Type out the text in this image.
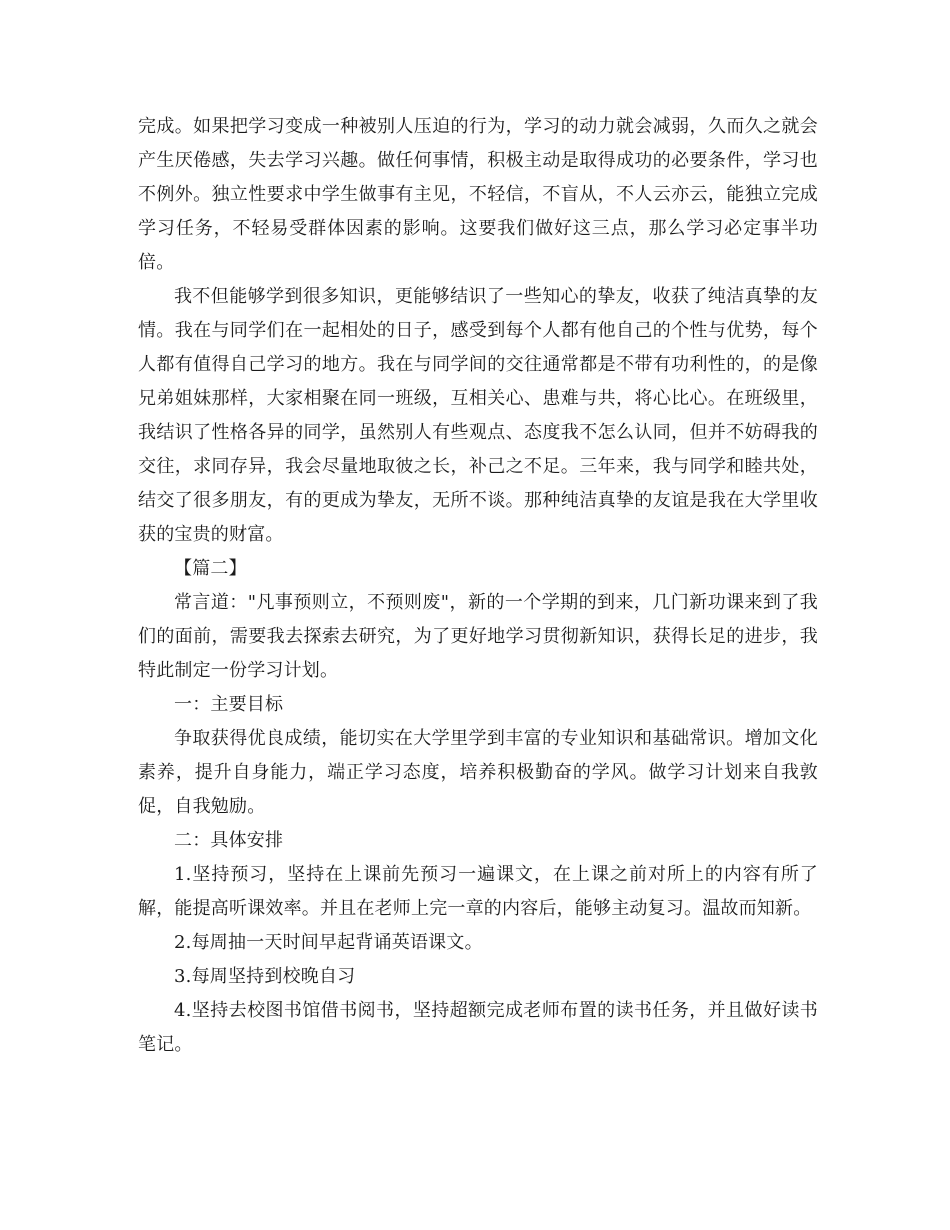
完成。如果把学习变成一种被别人压迫的行为，学习的动力就会减弱，久而久之就会产生厌倦感，失去学习兴趣。做任何事情，积极主动是取得成功的必要条件，学习也不例外。独立性要求中学生做事有主见，不轻信，不盲从，不人云亦云，能独立完成学习任务，不轻易受群体因素的影响。这要我们做好这三点，那么学习必定事半功倍。

我不但能够学到很多知识，更能够结识了一些知心的挚友，收获了纯洁真挚的友情。我在与同学们在一起相处的日子，感受到每个人都有他自己的个性与优势，每个人都有值得自己学习的地方。我在与同学间的交往通常都是不带有功利性的，的是像兄弟姐妹那样，大家相聚在同一班级，互相关心、患难与共，将心比心。在班级里，我结识了性格各异的同学，虽然别人有些观点、态度我不怎么认同，但并不妨碍我的交往，求同存异，我会尽量地取彼之长，补己之不足。三年来，我与同学和睦共处，结交了很多朋友，有的更成为挚友，无所不谈。那种纯洁真挚的友谊是我在大学里收获的宝贵的财富。

【篇二】

常言道："凡事预则立，不预则废"，新的一个学期的到来，几门新功课来到了我们的面前，需要我去探索去研究，为了更好地学习贯彻新知识，获得长足的进步，我特此制定一份学习计划。

一：主要目标

争取获得优良成绩，能切实在大学里学到丰富的专业知识和基础常识。增加文化素养，提升自身能力，端正学习态度，培养积极勤奋的学风。做学习计划来自我敦促，自我勉励。

二：具体安排

1.坚持预习，坚持在上课前先预习一遍课文，在上课之前对所上的内容有所了解，能提高听课效率。并且在老师上完一章的内容后，能够主动复习。温故而知新。

2.每周抽一天时间早起背诵英语课文。

3.每周坚持到校晚自习

4.坚持去校图书馆借书阅书，坚持超额完成老师布置的读书任务，并且做好读书笔记。
